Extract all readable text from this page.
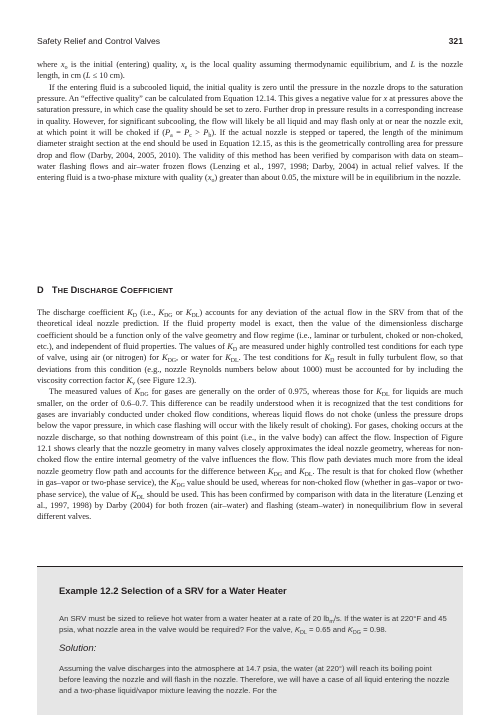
Safety Relief and Control Valves	321

where $x_o$ is the initial (entering) quality, $x_e$ is the local quality assuming thermodynamic equilibrium, and L is the nozzle length, in cm (L ≤ 10 cm).

If the entering fluid is a subcooled liquid, the initial quality is zero until the pressure in the nozzle drops to the saturation pressure. An “effective quality” can be calculated from Equation 12.14. This gives a negative value for x at pressures above the saturation pressure, in which case the quality should be set to zero. Further drop in pressure results in a corresponding increase in quality. However, for significant subcooling, the flow will likely be all liquid and may flash only at or near the nozzle exit, at which point it will be choked if $(P_a = P_c > P_b)$. If the actual nozzle is stepped or tapered, the length of the minimum diameter straight section at the end should be used in Equation 12.15, as this is the geometrically controlling area for pressure drop and flow (Darby, 2004, 2005, 2010). The validity of this method has been verified by comparison with data on steam–water flashing flows and air–water frozen flows (Lenzing et al., 1997, 1998; Darby, 2004) in actual relief valves. If the entering fluid is a two-phase mixture with quality $(x_o)$ greater than about 0.05, the mixture will be in equilibrium in the nozzle.

D THE DISCHARGE COEFFICIENT

The discharge coefficient $K_D$ (i.e., $K_{DG}$ or $K_{DL}$) accounts for any deviation of the actual flow in the SRV from that of the theoretical ideal nozzle prediction. If the fluid property model is exact, then the value of the dimensionless discharge coefficient should be a function only of the valve geometry and flow regime (i.e., laminar or turbulent, choked or non-choked, etc.), and independent of fluid properties. The values of $K_D$ are measured under highly controlled test conditions for each type of valve, using air (or nitrogen) for $K_{DG}$, or water for $K_{DL}$. The test conditions for $K_D$ result in fully turbulent flow, so that deviations from this condition (e.g., nozzle Reynolds numbers below about 1000) must be accounted for by including the viscosity correction factor $K_v$ (see Figure 12.3).

The measured values of $K_{DG}$ for gases are generally on the order of 0.975, whereas those for $K_{DL}$ for liquids are much smaller, on the order of 0.6–0.7. This difference can be readily understood when it is recognized that the test conditions for gases are invariably conducted under choked flow conditions, whereas liquid flows do not choke (unless the pressure drops below the vapor pressure, in which case flashing will occur with the likely result of choking). For gases, choking occurs at the nozzle discharge, so that nothing downstream of this point (i.e., in the valve body) can affect the flow. Inspection of Figure 12.1 shows clearly that the nozzle geometry in many valves closely approximates the ideal nozzle geometry, whereas for non-choked flow the entire internal geometry of the valve influences the flow. This flow path deviates much more from the ideal nozzle geometry flow path and accounts for the difference between $K_{DG}$ and $K_{DL}$. The result is that for choked flow (whether in gas–vapor or two-phase service), the $K_{DG}$ value should be used, whereas for non-choked flow (whether in gas–vapor or two-phase service), the value of $K_{DL}$ should be used. This has been confirmed by comparison with data in the literature (Lenzing et al., 1997, 1998) by Darby (2004) for both frozen (air–water) and flashing (steam–water) in nonequilibrium flow in several different valves.

Example 12.2 Selection of a SRV for a Water Heater
An SRV must be sized to relieve hot water from a water heater at a rate of 20 $lb_m/s$. If the water is at 220°F and 45 psia, what nozzle area in the valve would be required? For the valve, $K_{DL} = 0.65$ and $K_{DG} = 0.98$.
Solution:
Assuming the valve discharges into the atmosphere at 14.7 psia, the water (at 220°) will reach its boiling point before leaving the nozzle and will flash in the nozzle. Therefore, we will have a case of all liquid entering the nozzle and a two-phase liquid/vapor mixture leaving the nozzle. For the
